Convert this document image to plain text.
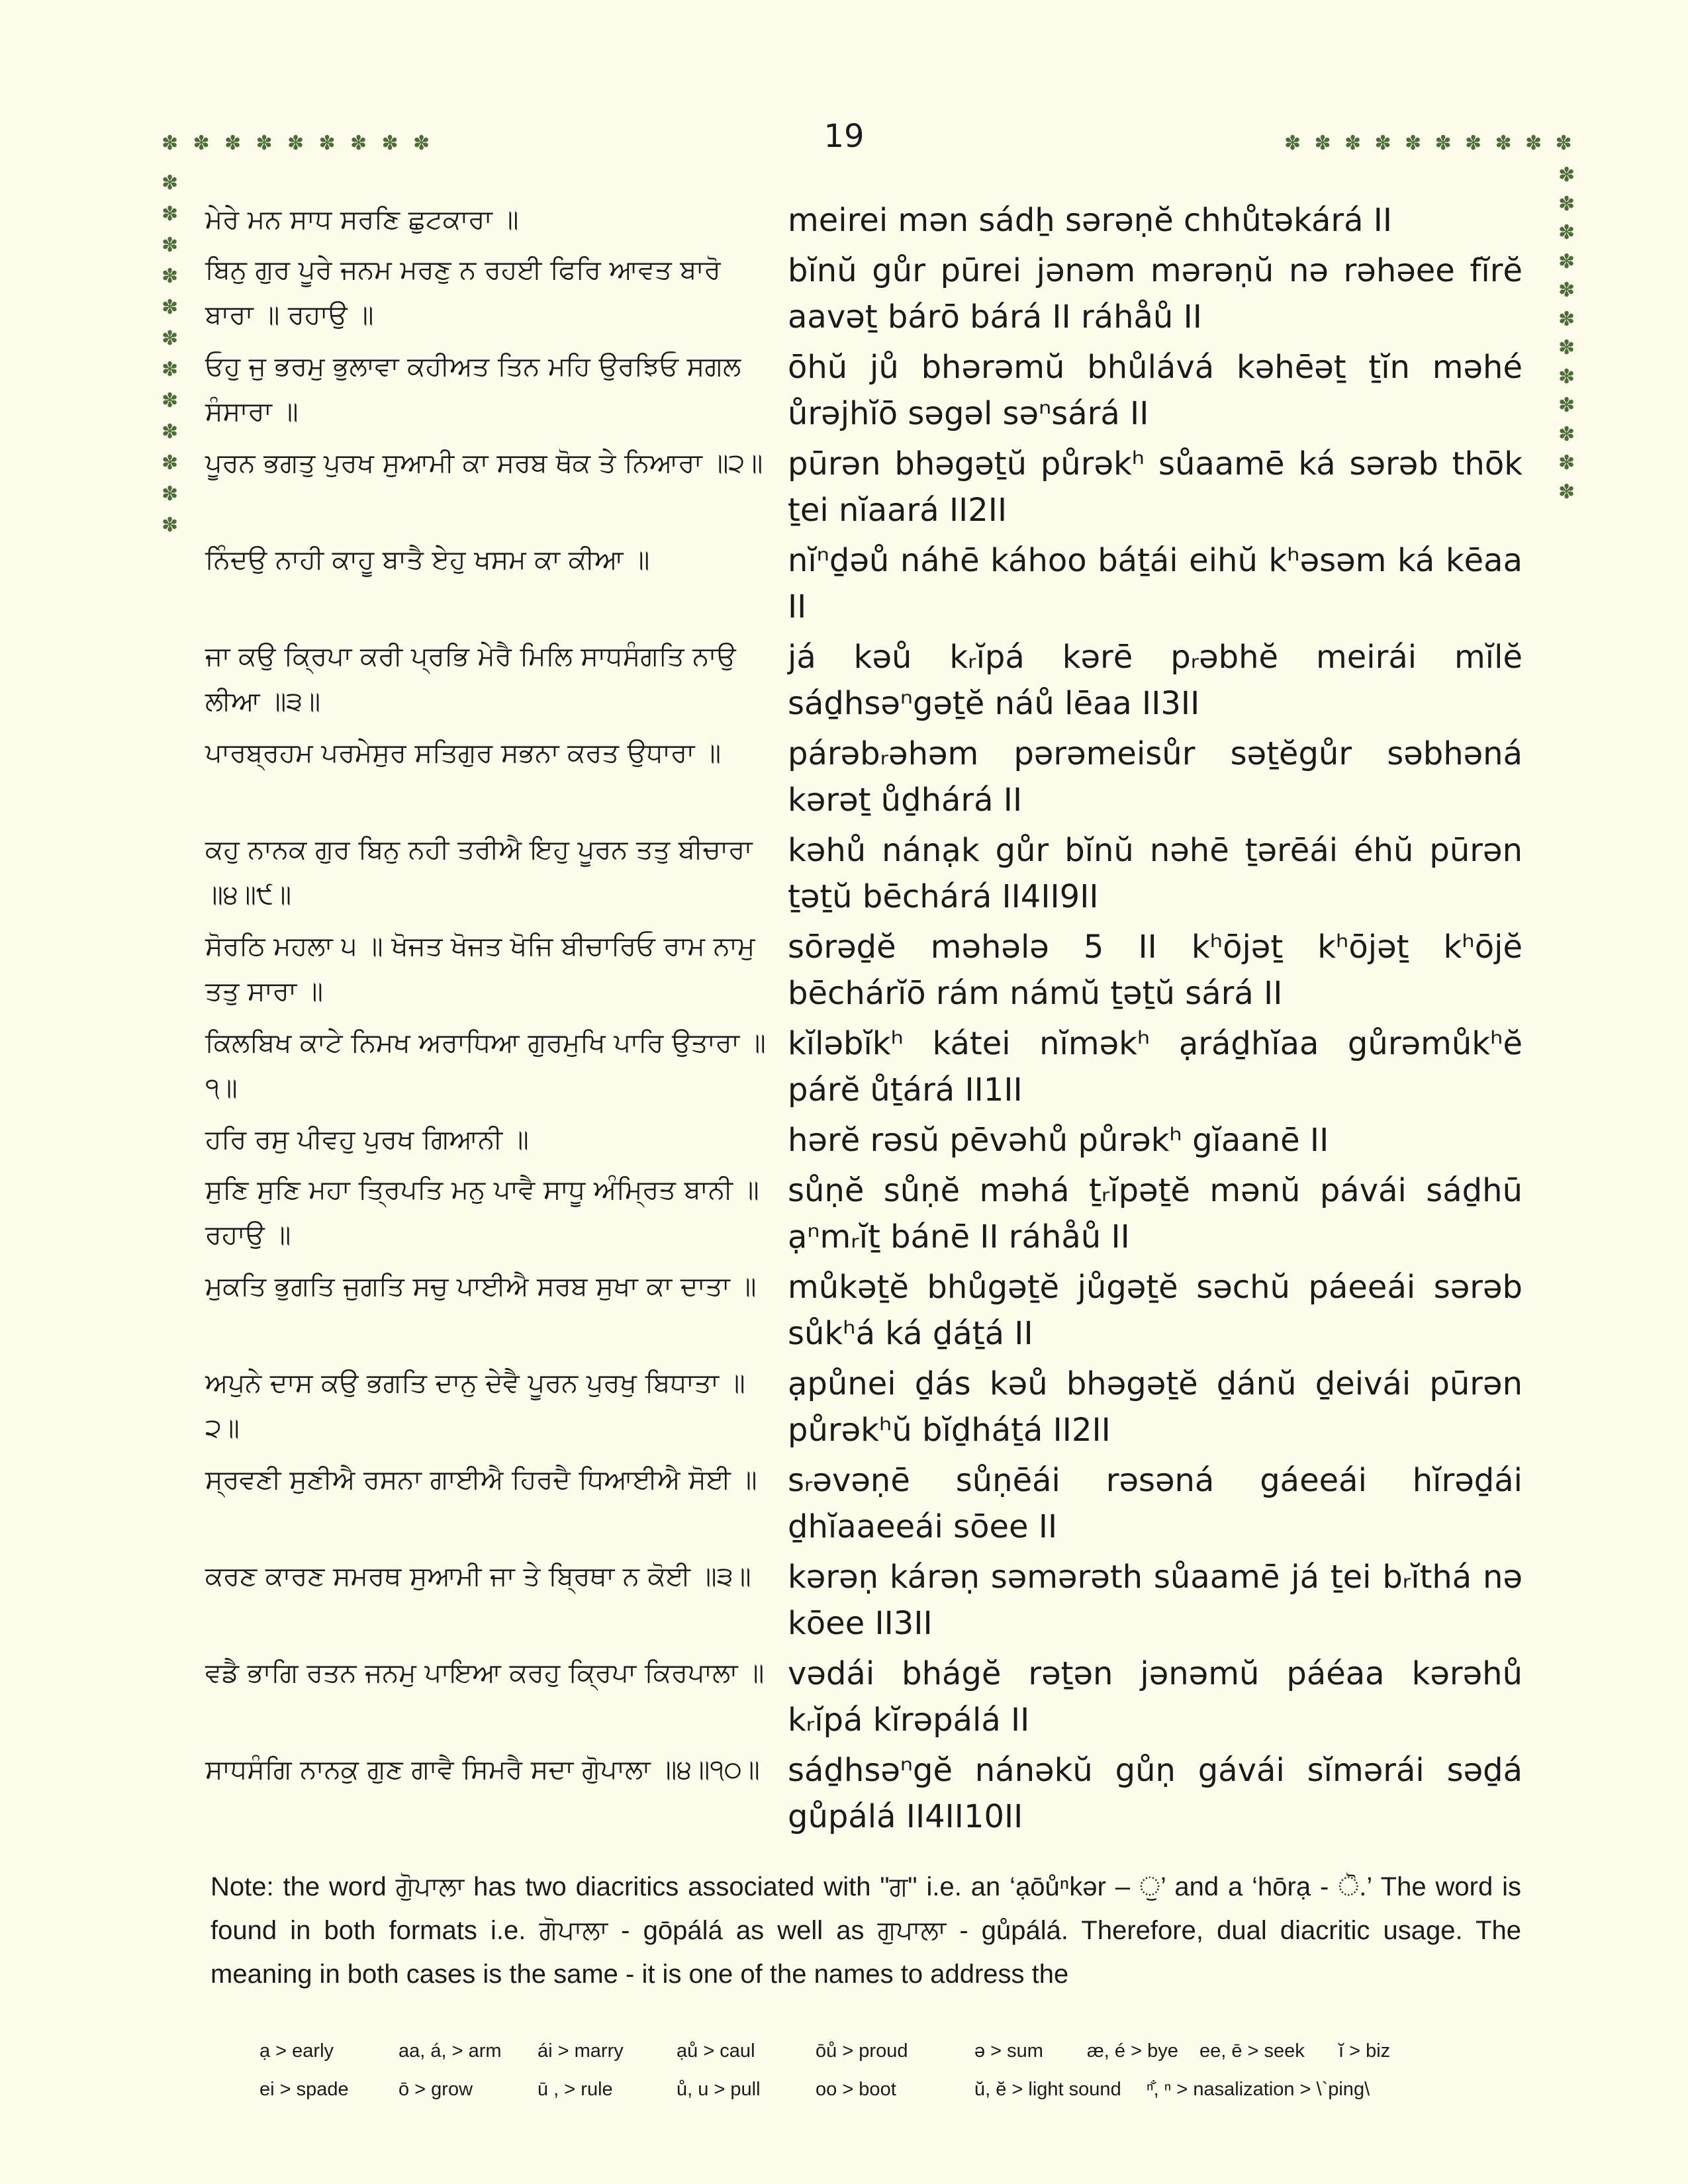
19
✽ ✽ ✽ ✽ ✽ ✽ ✽ ✽ ✽	✽ ✽ ✽ ✽ ✽ ✽ ✽ ✽ ✽ ✽
✽
✽
✽
✽
✽
✽
✽
✽
✽
✽
✽
✽
✽
✽
✽
✽
✽
✽
✽
✽
✽
✽
✽
✽
ਮੇਰੇ ਮਨ ਸਾਧ ਸਰਣਿ ਛੁਟਕਾਰਾ ॥	meirei mən sádẖ sərəṇĕ chhůtəkárá II
ਬਿਨੁ ਗੁਰ ਪੂਰੇ ਜਨਮ ਮਰਣੁ ਨ ਰਹਈ ਫਿਰਿ ਆਵਤ ਬਾਰੋ ਬਾਰਾ ॥ ਰਹਾਉ ॥
bĭnŭ gůr pūrei jənəm mərəṇŭ nə rəhəee fĭrĕ aavəṯ bárō bárá II ráhåů II
ਓਹੁ ਜੁ ਭਰਮੁ ਭੁਲਾਵਾ ਕਹੀਅਤ ਤਿਨ ਮਹਿ ਉਰਝਿਓ ਸਗਲ ਸੰਸਾਰਾ ॥
ōhŭ jů bhərəmŭ bhůlává kəhēəṯ ṯĭn məhé ůrəjhĭō səgəl səⁿsárá II
ਪੂਰਨ ਭਗਤੁ ਪੁਰਖ ਸੁਆਮੀ ਕਾ ਸਰਬ ਥੋਕ ਤੇ ਨਿਆਰਾ ॥੨॥ pūrən bhəgəṯŭ půrəkʰ sůaamē ká sərəb thōk ṯei nĭaará II2II
ਨਿੰਦਉ ਨਾਹੀ ਕਾਹੂ ਬਾਤੈ ਏਹੁ ਖਸਮ ਕਾ ਕੀਆ ॥	nĭⁿḏəů náhē káhoo báṯái eihŭ kʰəsəm ká kēaa II
ਜਾ ਕਉ ਕ੍ਰਿਪਾ ਕਰੀ ਪ੍ਰਭਿ ਮੇਰੈ ਮਿਲਿ ਸਾਧਸੰਗਤਿ ਨਾਉ ਲੀਆ ॥੩॥
já kəů kᵣĭpá kərē pᵣəbhĕ meirái mĭlĕ sáḏhsəⁿgəṯĕ náů lēaa II3II
ਪਾਰਬ੍ਰਹਮ ਪਰਮੇਸੁਰ ਸਤਿਗੁਰ ਸਭਨਾ ਕਰਤ ਉਧਾਰਾ ॥	párəbᵣəhəm pərəmeisůr səṯĕgůr səbhəná kərəṯ ůḏhárá II
ਕਹੁ ਨਾਨਕ ਗੁਰ ਬਿਨੁ ਨਹੀ ਤਰੀਐ ਇਹੁ ਪੂਰਨ ਤਤੁ ਬੀਚਾਰਾ ॥੪॥੯॥
kəhů nánạk gůr bĭnŭ nəhē ṯərēái éhŭ pūrən ṯəṯŭ bēchárá II4II9II
ਸੋਰਠਿ ਮਹਲਾ ੫ ॥ ਖੋਜਤ ਖੋਜਤ ਖੋਜਿ ਬੀਚਾਰਿਓ ਰਾਮ ਨਾਮੁ ਤਤੁ ਸਾਰਾ ॥
sōrəḏĕ məhələ 5 II kʰōjəṯ kʰōjəṯ kʰōjĕ bēchárĭō rám námŭ ṯəṯŭ sárá II
ਕਿਲਬਿਖ ਕਾਟੇ ਨਿਮਖ ਅਰਾਧਿਆ ਗੁਰਮੁਖਿ ਪਾਰਿ ਉਤਾਰਾ ॥੧॥
kĭləbĭkʰ kátei nĭməkʰ ạráḏhĭaa gůrəmůkʰĕ párĕ ůṯárá II1II
ਹਰਿ ਰਸੁ ਪੀਵਹੁ ਪੁਰਖ ਗਿਆਨੀ ॥	hərĕ rəsŭ pēvəhů půrəkʰ gĭaanē II
ਸੁਣਿ ਸੁਣਿ ਮਹਾ ਤ੍ਰਿਪਤਿ ਮਨੁ ਪਾਵੈ ਸਾਧੂ ਅੰਮ੍ਰਿਤ ਬਾਨੀ ॥ ਰਹਾਉ ॥
sůṇĕ sůṇĕ məhá ṯᵣĭpəṯĕ mənŭ pávái sáḏhū ạⁿmᵣĭṯ bánē II ráhåů II
ਮੁਕਤਿ ਭੁਗਤਿ ਜੁਗਤਿ ਸਚੁ ਪਾਈਐ ਸਰਬ ਸੁਖਾ ਕਾ ਦਾਤਾ ॥ můkəṯĕ bhůgəṯĕ jůgəṯĕ səchŭ páeeái sərəb sůkʰá ká ḏáṯá II
ਅਪੁਨੇ ਦਾਸ ਕਉ ਭਗਤਿ ਦਾਨੁ ਦੇਵੈ ਪੂਰਨ ਪੁਰਖੁ ਬਿਧਾਤਾ ॥੨॥
ạpůnei ḏás kəů bhəgəṯĕ ḏánŭ ḏeivái pūrən půrəkʰŭ bĭḏháṯá II2II
ਸ੍ਰਵਣੀ ਸੁਣੀਐ ਰਸਨਾ ਗਾਈਐ ਹਿਰਦੈ ਧਿਆਈਐ ਸੋਈ ॥ sᵣəvəṇē sůṇēái rəsəná gáeeái hĭrəḏái ḏhĭaaeeái sōee II
ਕਰਣ ਕਾਰਣ ਸਮਰਥ ਸੁਆਮੀ ਜਾ ਤੇ ਬ੍ਰਿਥਾ ਨ ਕੋਈ ॥੩॥	kərəṇ kárəṇ səmərəth sůaamē já ṯei bᵣĭthá nə kōee II3II
ਵਡੈ ਭਾਗਿ ਰਤਨ ਜਨਮੁ ਪਾਇਆ ਕਰਹੁ ਕ੍ਰਿਪਾ ਕਿਰਪਾਲਾ ॥ vədái bhágĕ rəṯən jənəmŭ páéaa kərəhů kᵣĭpá kĭrəpálá II
ਸਾਧਸੰਗਿ ਨਾਨਕੁ ਗੁਣ ਗਾਵੈ ਸਿਮਰੈ ਸਦਾ ਗੋੁਪਾਲਾ ॥੪॥੧੦॥ sáḏhsəⁿgĕ nánəkŭ gůṇ gávái sĭmərái səḏá gůpálá II4II10II
Note: the word ਗੋੁਪਾਲਾ has two diacritics associated with "ਗ" i.e. an ‘ạōůⁿkər – ੁ’ and a ‘hōrạ - ੋ.’ The word is found in both formats i.e. ਗੋਪਾਲਾ - gōpálá as well as ਗੁਪਾਲਾ - gůpálá. Therefore, dual diacritic usage. The meaning in both cases is the same - it is one of the names to address the
ạ > early	aa, á, > arm	ái > marry	ạů > caul	ōů > proud	ə > sum	æ, é > bye	ee, ē > seek	ĭ > biz
ei > spade	ō > grow	ū , > rule	ů, u > pull	oo > boot	ŭ, ĕ > light sound	ⁿ̐, ⁿ > nasalization > \`ping\
